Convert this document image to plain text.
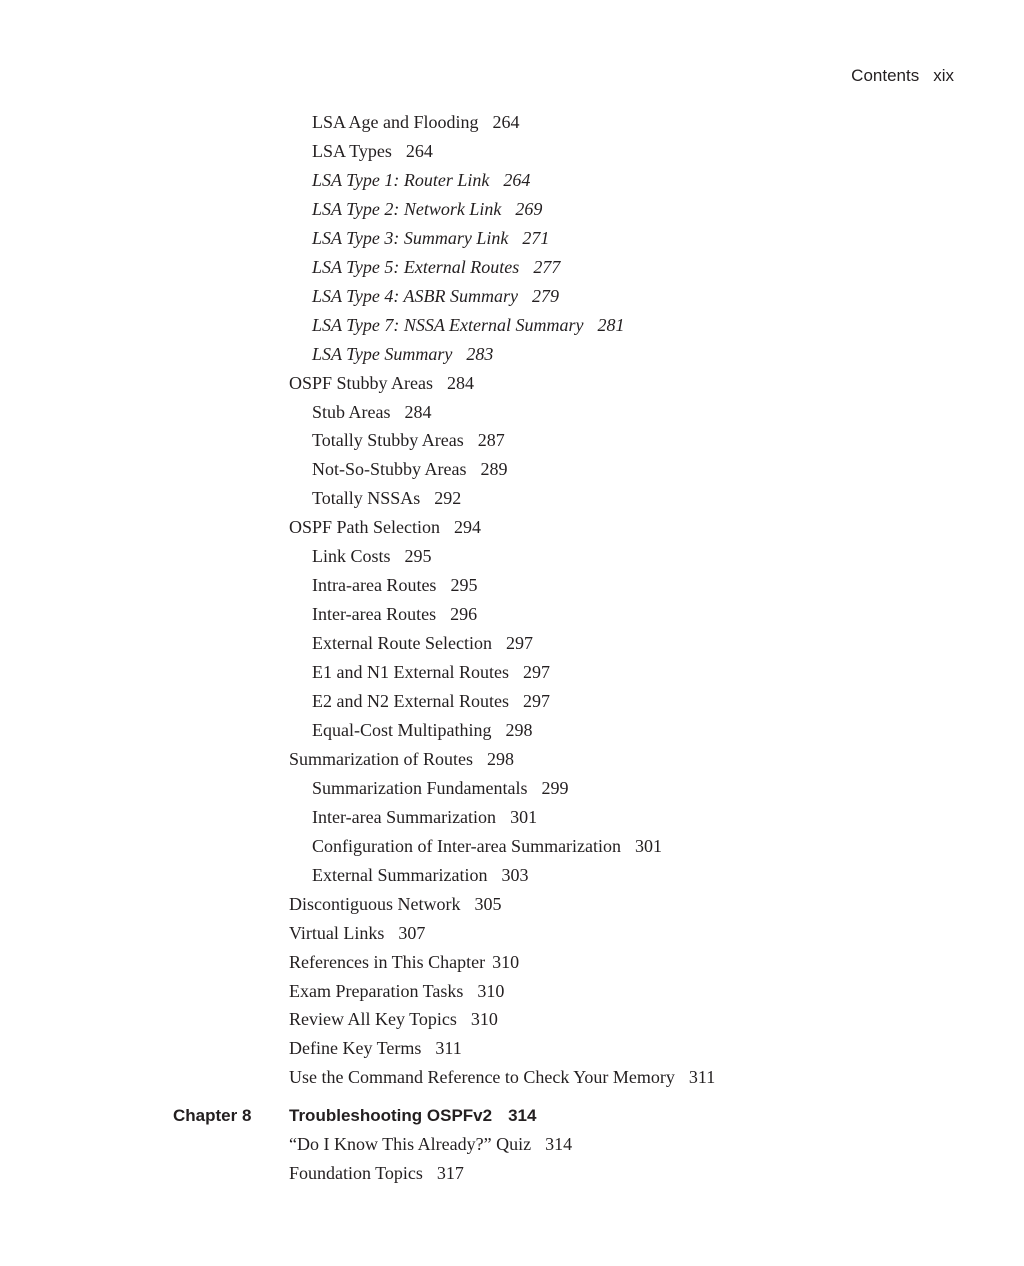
Contents xix
LSA Age and Flooding 264
LSA Types 264
LSA Type 1: Router Link 264
LSA Type 2: Network Link 269
LSA Type 3: Summary Link 271
LSA Type 5: External Routes 277
LSA Type 4: ASBR Summary 279
LSA Type 7: NSSA External Summary 281
LSA Type Summary 283
OSPF Stubby Areas 284
Stub Areas 284
Totally Stubby Areas 287
Not-So-Stubby Areas 289
Totally NSSAs 292
OSPF Path Selection 294
Link Costs 295
Intra-area Routes 295
Inter-area Routes 296
External Route Selection 297
E1 and N1 External Routes 297
E2 and N2 External Routes 297
Equal-Cost Multipathing 298
Summarization of Routes 298
Summarization Fundamentals 299
Inter-area Summarization 301
Configuration of Inter-area Summarization 301
External Summarization 303
Discontiguous Network 305
Virtual Links 307
References in This Chapter 310
Exam Preparation Tasks 310
Review All Key Topics 310
Define Key Terms 311
Use the Command Reference to Check Your Memory 311
Chapter 8 Troubleshooting OSPFv2 314
“Do I Know This Already?” Quiz 314
Foundation Topics 317
